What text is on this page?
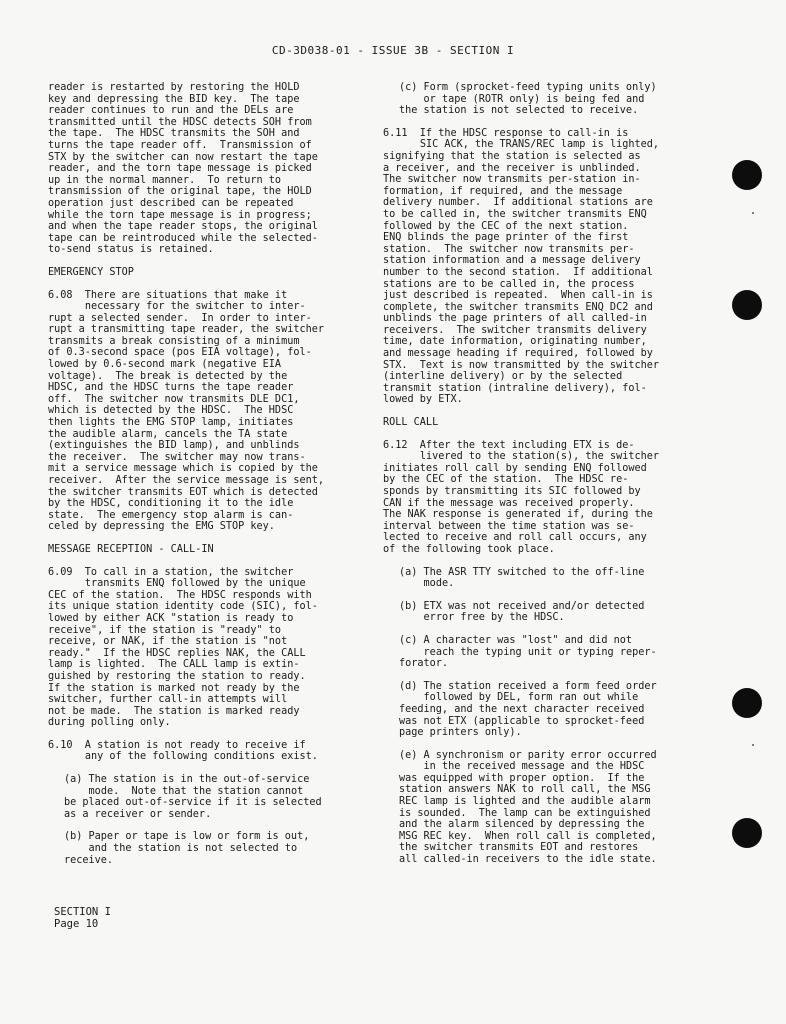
CD-3D038-01 - ISSUE 3B - SECTION I
reader is restarted by restoring the HOLD
key and depressing the BID key.  The tape
reader continues to run and the DELs are
transmitted until the HDSC detects SOH from
the tape.  The HDSC transmits the SOH and
turns the tape reader off.  Transmission of
STX by the switcher can now restart the tape
reader, and the torn tape message is picked
up in the normal manner.  To return to
transmission of the original tape, the HOLD
operation just described can be repeated
while the torn tape message is in progress;
and when the tape reader stops, the original
tape can be reintroduced while the selected-
to-send status is retained.
EMERGENCY STOP
6.08  There are situations that make it
necessary for the switcher to inter-
rupt a selected sender.  In order to inter-
rupt a transmitting tape reader, the switcher
transmits a break consisting of a minimum
of 0.3-second space (pos EIA voltage), fol-
lowed by 0.6-second mark (negative EIA
voltage).  The break is detected by the
HDSC, and the HDSC turns the tape reader
off.  The switcher now transmits DLE DC1,
which is detected by the HDSC.  The HDSC
then lights the EMG STOP lamp, initiates
the audible alarm, cancels the TA state
(extinguishes the BID lamp), and unblinds
the receiver.  The switcher may now trans-
mit a service message which is copied by the
receiver.  After the service message is sent,
the switcher transmits EOT which is detected
by the HDSC, conditioning it to the idle
state.  The emergency stop alarm is can-
celed by depressing the EMG STOP key.
MESSAGE RECEPTION - CALL-IN
6.09  To call in a station, the switcher
transmits ENQ followed by the unique
CEC of the station.  The HDSC responds with
its unique station identity code (SIC), fol-
lowed by either ACK "station is ready to
receive", if the station is "ready" to
receive, or NAK, if the station is "not
ready."  If the HDSC replies NAK, the CALL
lamp is lighted.  The CALL lamp is extin-
guished by restoring the station to ready.
If the station is marked not ready by the
switcher, further call-in attempts will
not be made.  The station is marked ready
during polling only.
6.10  A station is not ready to receive if
any of the following conditions exist.
(a) The station is in the out-of-service
mode.  Note that the station cannot
be placed out-of-service if it is selected
as a receiver or sender.
(b) Paper or tape is low or form is out,
and the station is not selected to
receive.
(c) Form (sprocket-feed typing units only)
or tape (ROTR only) is being fed and
the station is not selected to receive.
6.11  If the HDSC response to call-in is
SIC ACK, the TRANS/REC lamp is lighted,
signifying that the station is selected as
a receiver, and the receiver is unblinded.
The switcher now transmits per-station in-
formation, if required, and the message
delivery number.  If additional stations are
to be called in, the switcher transmits ENQ
followed by the CEC of the next station.
ENQ blinds the page printer of the first
station.  The switcher now transmits per-
station information and a message delivery
number to the second station.  If additional
stations are to be called in, the process
just described is repeated.  When call-in is
complete, the switcher transmits ENQ DC2 and
unblinds the page printers of all called-in
receivers.  The switcher transmits delivery
time, date information, originating number,
and message heading if required, followed by
STX.  Text is now transmitted by the switcher
(interline delivery) or by the selected
transmit station (intraline delivery), fol-
lowed by ETX.
ROLL CALL
6.12  After the text including ETX is de-
livered to the station(s), the switcher
initiates roll call by sending ENQ followed
by the CEC of the station.  The HDSC re-
sponds by transmitting its SIC followed by
CAN if the message was received properly.
The NAK response is generated if, during the
interval between the time station was se-
lected to receive and roll call occurs, any
of the following took place.
(a) The ASR TTY switched to the off-line
mode.
(b) ETX was not received and/or detected
error free by the HDSC.
(c) A character was "lost" and did not
reach the typing unit or typing reper-
forator.
(d) The station received a form feed order
followed by DEL, form ran out while
feeding, and the next character received
was not ETX (applicable to sprocket-feed
page printers only).
(e) A synchronism or parity error occurred
in the received message and the HDSC
was equipped with proper option.  If the
station answers NAK to roll call, the MSG
REC lamp is lighted and the audible alarm
is sounded.  The lamp can be extinguished
and the alarm silenced by depressing the
MSG REC key.  When roll call is completed,
the switcher transmits EOT and restores
all called-in receivers to the idle state.
SECTION I
Page 10
